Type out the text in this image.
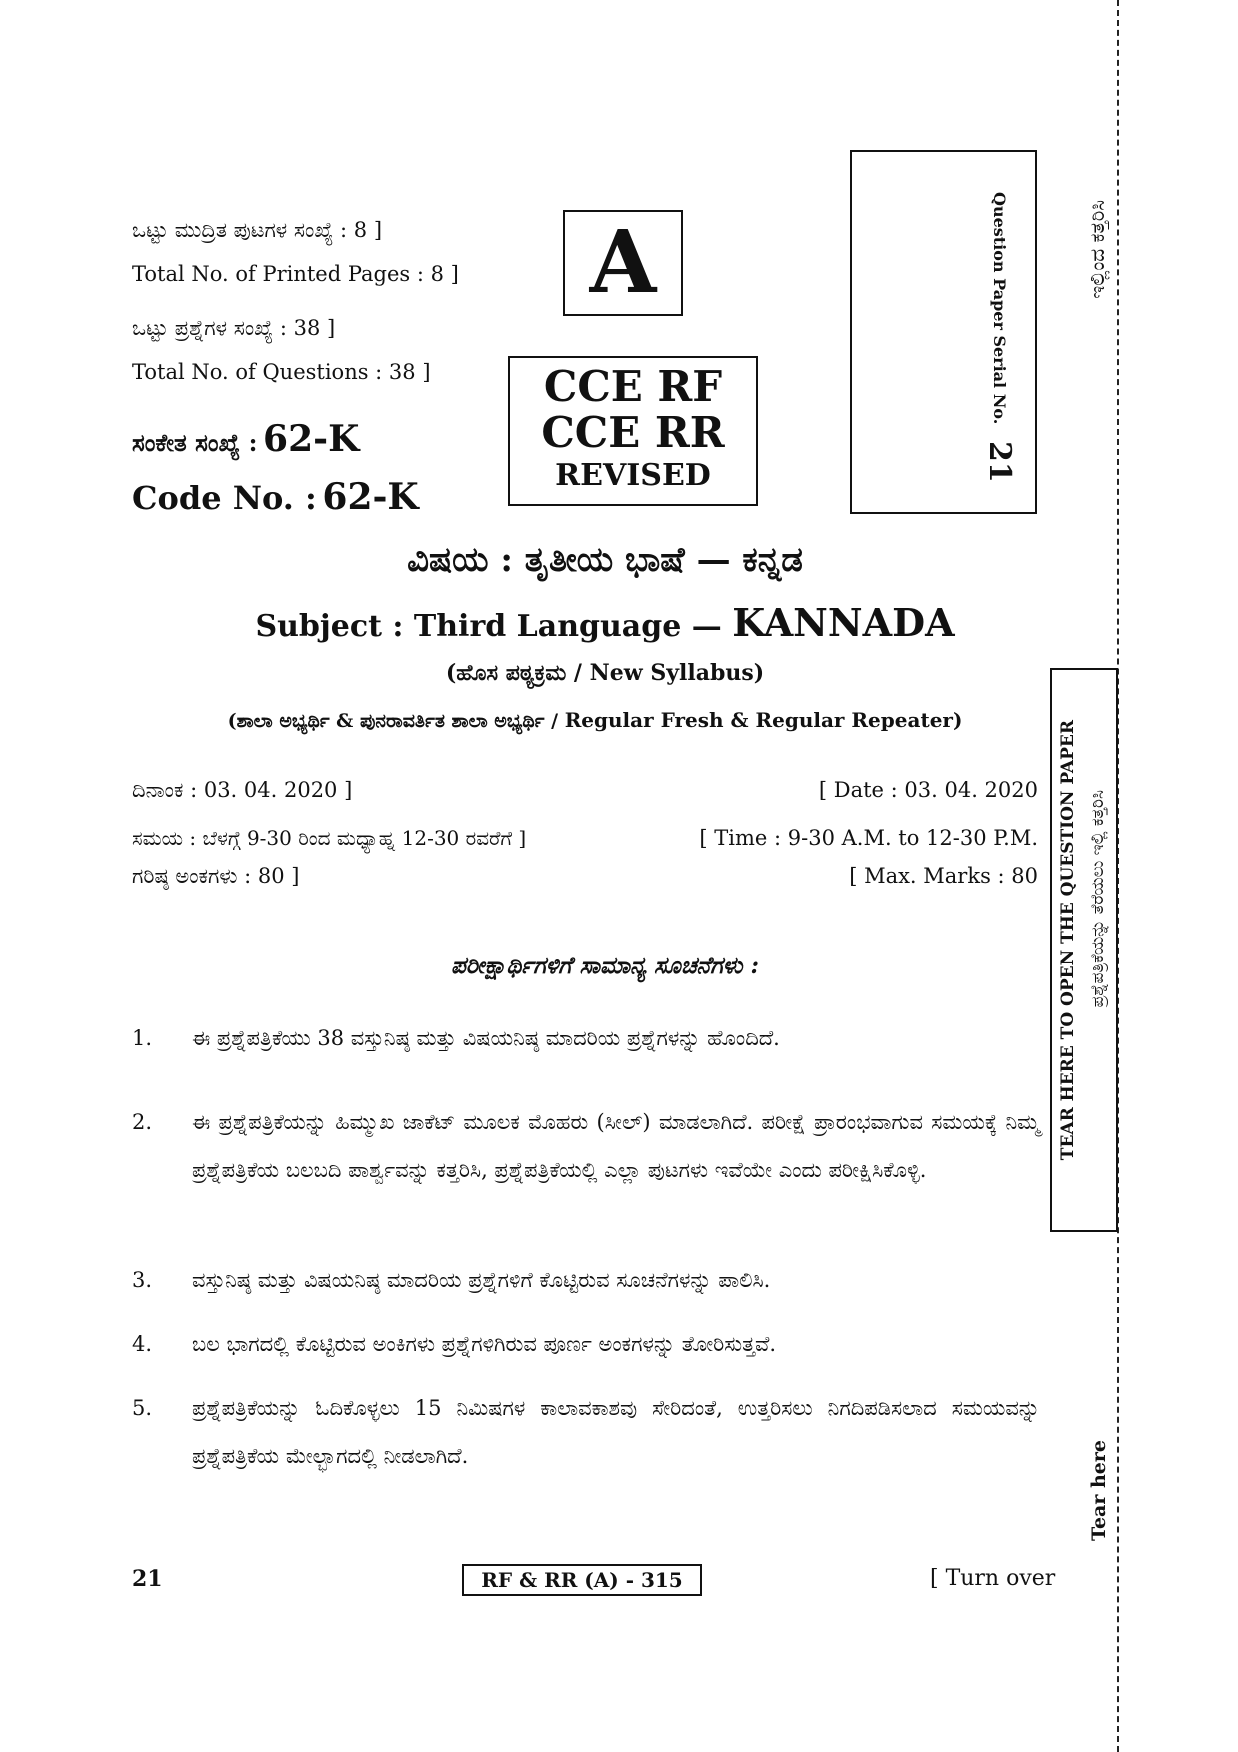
ಒಟ್ಟು ಮುದ್ರಿತ ಪುಟಗಳ ಸಂಖ್ಯೆ : 8 ]
Total No. of Printed Pages : 8 ]
ಒಟ್ಟು ಪ್ರಶ್ನೆಗಳ ಸಂಖ್ಯೆ : 38 ]
Total No. of Questions : 38 ]
ಸಂಕೇತ ಸಂಖ್ಯೆ : 62-K
Code No. : 62-K
A
CCE RF
CCE RR
REVISED
Question Paper Serial No. 21
ಇಲ್ಲಿಂದ ಕತ್ತರಿಸಿ
TEAR HERE TO OPEN THE QUESTION PAPER ಪ್ರಶ್ನೆಪತ್ರಿಕೆಯನ್ನು ತೆರೆಯಲು ಇಲ್ಲಿ ಕತ್ತರಿಸಿ
Tear here
ವಿಷಯ : ತೃತೀಯ ಭಾಷೆ — ಕನ್ನಡ
Subject : Third Language — KANNADA
(ಹೊಸ ಪಠ್ಯಕ್ರಮ / New Syllabus)
(ಶಾಲಾ ಅಭ್ಯರ್ಥಿ & ಪುನರಾವರ್ತಿತ ಶಾಲಾ ಅಭ್ಯರ್ಥಿ / Regular Fresh & Regular Repeater)
ದಿನಾಂಕ : 03. 04. 2020 ]	[ Date : 03. 04. 2020
ಸಮಯ : ಬೆಳಗ್ಗೆ 9-30 ರಿಂದ ಮಧ್ಯಾಹ್ನ 12-30 ರವರೆಗೆ ]	[ Time : 9-30 A.M. to 12-30 P.M.
ಗರಿಷ್ಠ ಅಂಕಗಳು : 80 ]	[ Max. Marks : 80
ಪರೀಕ್ಷಾರ್ಥಿಗಳಿಗೆ ಸಾಮಾನ್ಯ ಸೂಚನೆಗಳು :
1. ಈ ಪ್ರಶ್ನೆಪತ್ರಿಕೆಯು 38 ವಸ್ತುನಿಷ್ಠ ಮತ್ತು ವಿಷಯನಿಷ್ಠ ಮಾದರಿಯ ಪ್ರಶ್ನೆಗಳನ್ನು ಹೊಂದಿದೆ.
2. ಈ ಪ್ರಶ್ನೆಪತ್ರಿಕೆಯನ್ನು ಹಿಮ್ಮುಖ ಜಾಕೆಟ್ ಮೂಲಕ ಮೊಹರು (ಸೀಲ್) ಮಾಡಲಾಗಿದೆ. ಪರೀಕ್ಷೆ ಪ್ರಾರಂಭವಾಗುವ ಸಮಯಕ್ಕೆ ನಿಮ್ಮ ಪ್ರಶ್ನೆಪತ್ರಿಕೆಯ ಬಲಬದಿ ಪಾರ್ಶ್ವವನ್ನು ಕತ್ತರಿಸಿ, ಪ್ರಶ್ನೆಪತ್ರಿಕೆಯಲ್ಲಿ ಎಲ್ಲಾ ಪುಟಗಳು ಇವೆಯೇ ಎಂದು ಪರೀಕ್ಷಿಸಿಕೊಳ್ಳಿ.
3. ವಸ್ತುನಿಷ್ಠ ಮತ್ತು ವಿಷಯನಿಷ್ಠ ಮಾದರಿಯ ಪ್ರಶ್ನೆಗಳಿಗೆ ಕೊಟ್ಟಿರುವ ಸೂಚನೆಗಳನ್ನು ಪಾಲಿಸಿ.
4. ಬಲ ಭಾಗದಲ್ಲಿ ಕೊಟ್ಟಿರುವ ಅಂಕಿಗಳು ಪ್ರಶ್ನೆಗಳಿಗಿರುವ ಪೂರ್ಣ ಅಂಕಗಳನ್ನು ತೋರಿಸುತ್ತವೆ.
5. ಪ್ರಶ್ನೆಪತ್ರಿಕೆಯನ್ನು ಓದಿಕೊಳ್ಳಲು 15 ನಿಮಿಷಗಳ ಕಾಲಾವಕಾಶವು ಸೇರಿದಂತೆ, ಉತ್ತರಿಸಲು ನಿಗದಿಪಡಿಸಲಾದ ಸಮಯವನ್ನು ಪ್ರಶ್ನೆಪತ್ರಿಕೆಯ ಮೇಲ್ಭಾಗದಲ್ಲಿ ನೀಡಲಾಗಿದೆ.
21	RF & RR (A) - 315	[ Turn over
